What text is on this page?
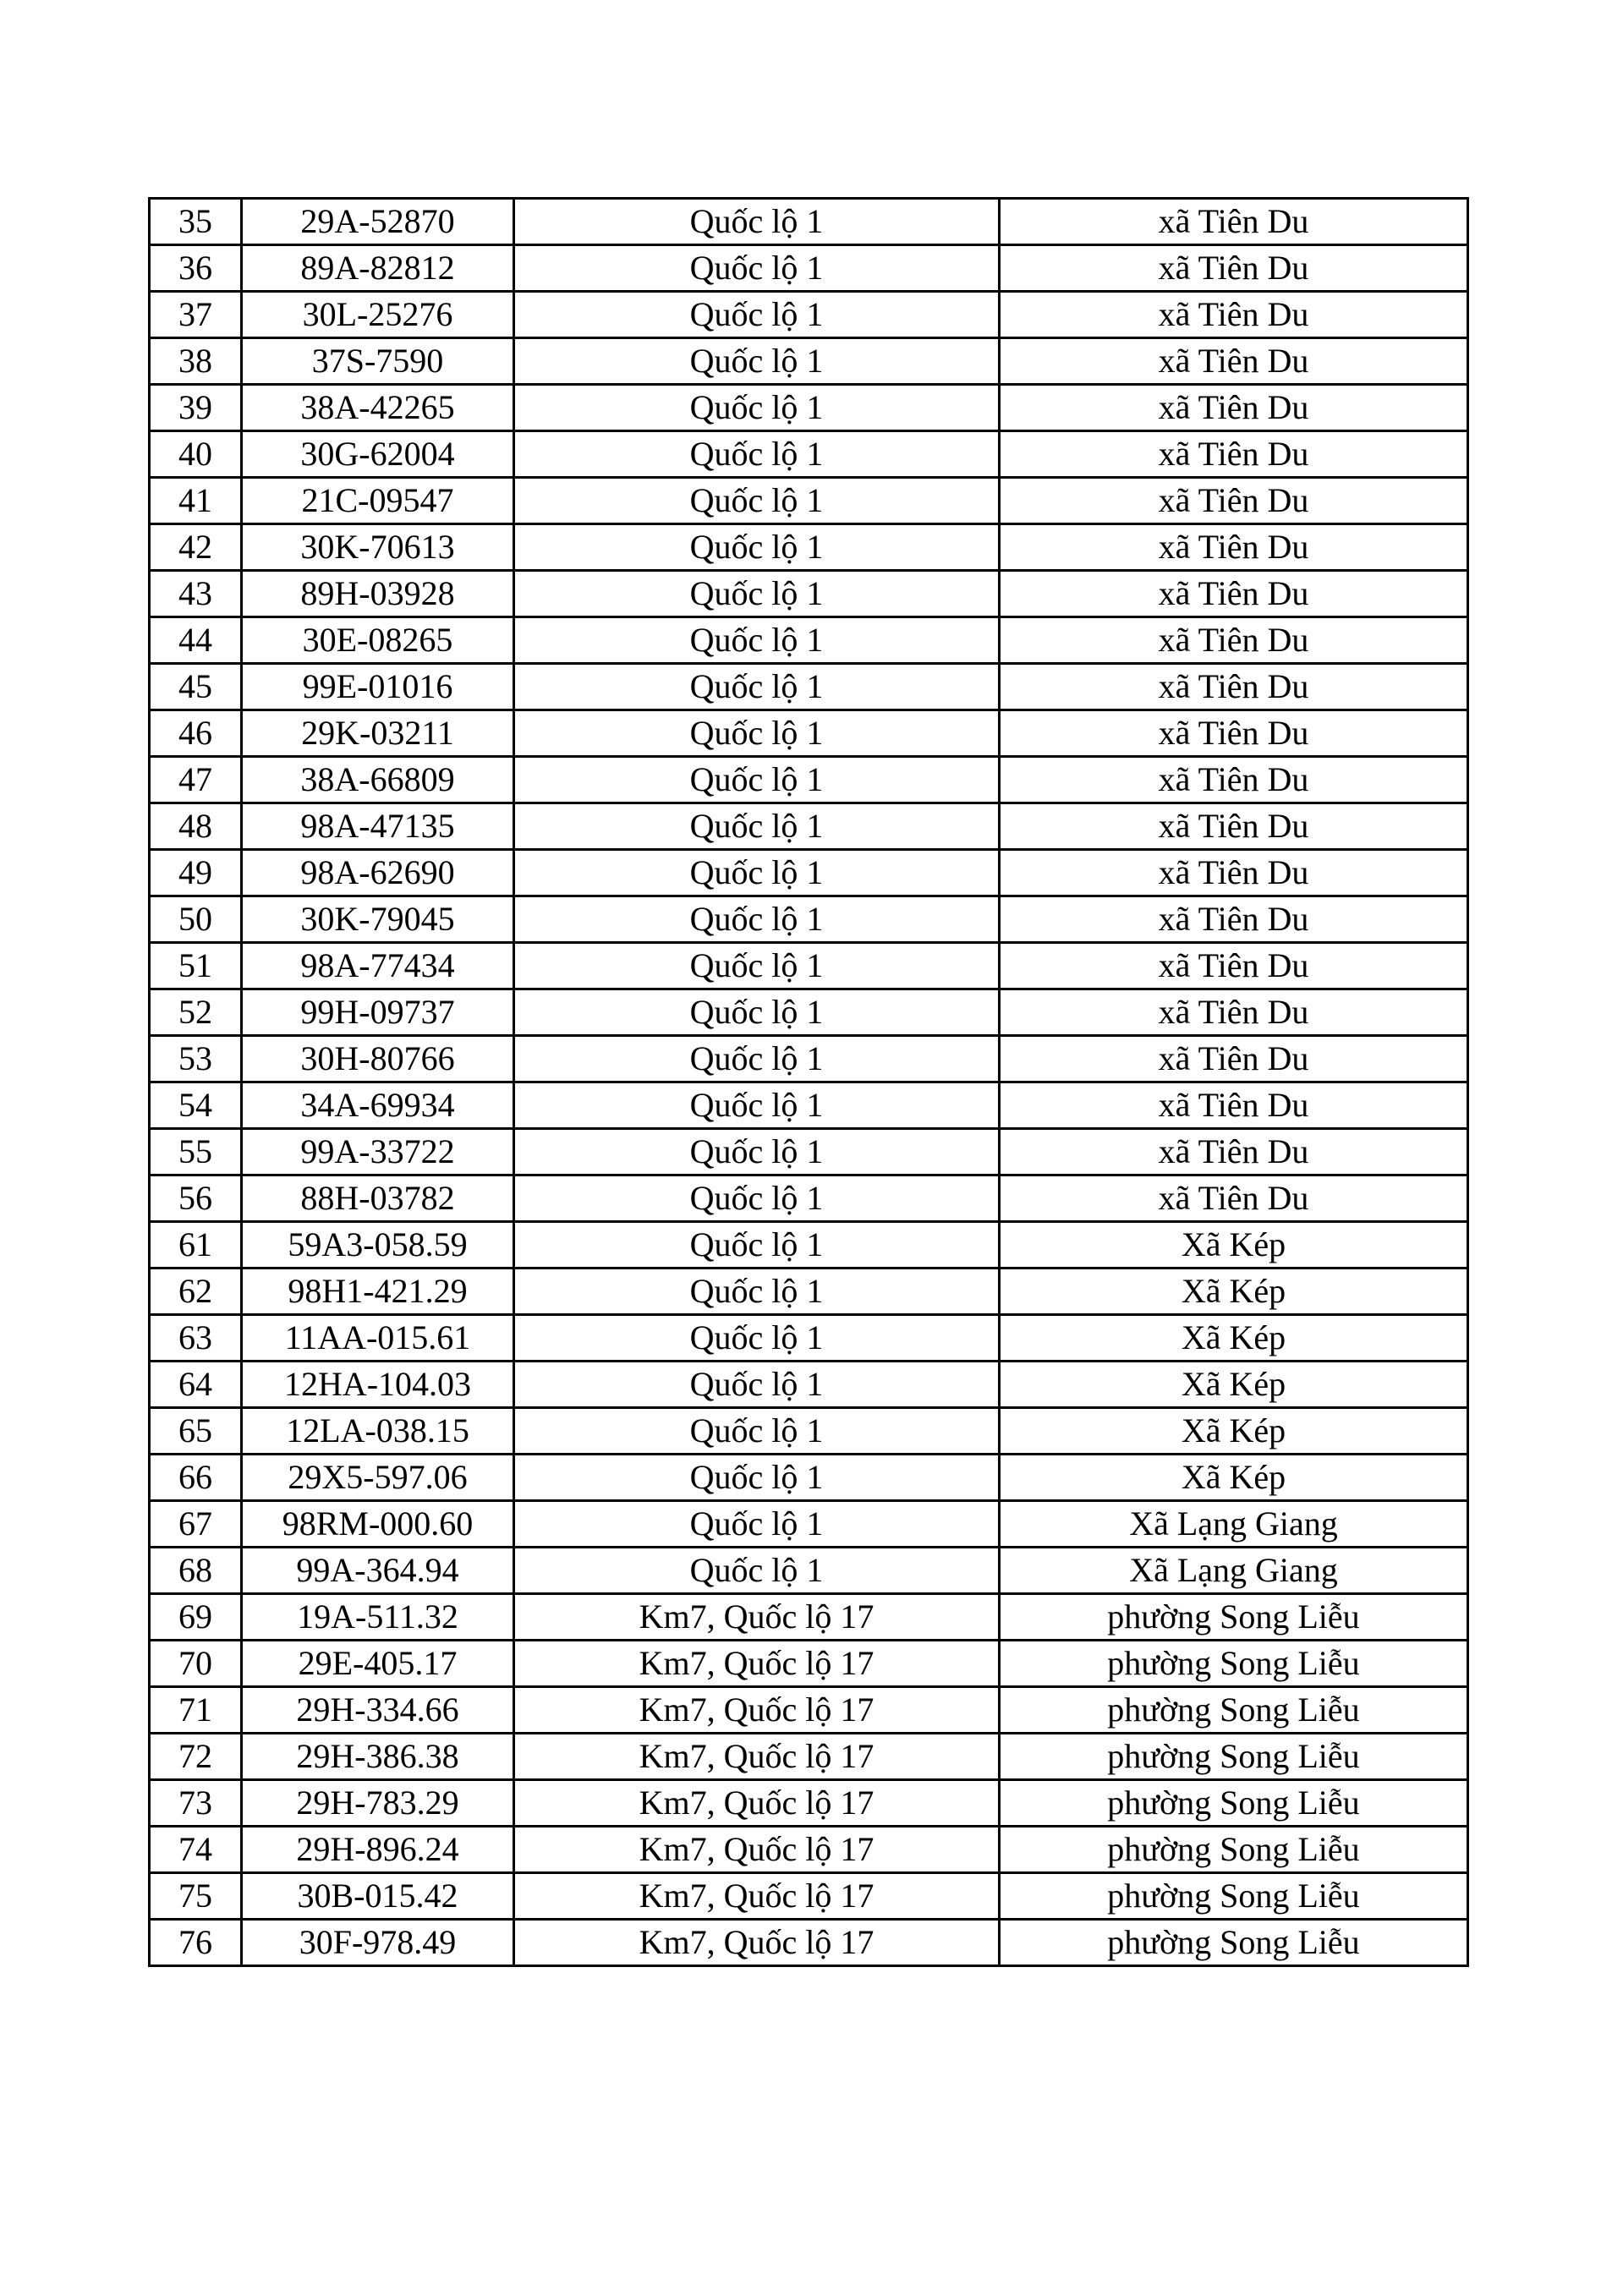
35	29A-52870	Quốc lộ 1	xã Tiên Du
36	89A-82812	Quốc lộ 1	xã Tiên Du
37	30L-25276	Quốc lộ 1	xã Tiên Du
38	37S-7590	Quốc lộ 1	xã Tiên Du
39	38A-42265	Quốc lộ 1	xã Tiên Du
40	30G-62004	Quốc lộ 1	xã Tiên Du
41	21C-09547	Quốc lộ 1	xã Tiên Du
42	30K-70613	Quốc lộ 1	xã Tiên Du
43	89H-03928	Quốc lộ 1	xã Tiên Du
44	30E-08265	Quốc lộ 1	xã Tiên Du
45	99E-01016	Quốc lộ 1	xã Tiên Du
46	29K-03211	Quốc lộ 1	xã Tiên Du
47	38A-66809	Quốc lộ 1	xã Tiên Du
48	98A-47135	Quốc lộ 1	xã Tiên Du
49	98A-62690	Quốc lộ 1	xã Tiên Du
50	30K-79045	Quốc lộ 1	xã Tiên Du
51	98A-77434	Quốc lộ 1	xã Tiên Du
52	99H-09737	Quốc lộ 1	xã Tiên Du
53	30H-80766	Quốc lộ 1	xã Tiên Du
54	34A-69934	Quốc lộ 1	xã Tiên Du
55	99A-33722	Quốc lộ 1	xã Tiên Du
56	88H-03782	Quốc lộ 1	xã Tiên Du
61	59A3-058.59	Quốc lộ 1	Xã Kép
62	98H1-421.29	Quốc lộ 1	Xã Kép
63	11AA-015.61	Quốc lộ 1	Xã Kép
64	12HA-104.03	Quốc lộ 1	Xã Kép
65	12LA-038.15	Quốc lộ 1	Xã Kép
66	29X5-597.06	Quốc lộ 1	Xã Kép
67	98RM-000.60	Quốc lộ 1	Xã Lạng Giang
68	99A-364.94	Quốc lộ 1	Xã Lạng Giang
69	19A-511.32	Km7, Quốc lộ 17	phường Song Liễu
70	29E-405.17	Km7, Quốc lộ 17	phường Song Liễu
71	29H-334.66	Km7, Quốc lộ 17	phường Song Liễu
72	29H-386.38	Km7, Quốc lộ 17	phường Song Liễu
73	29H-783.29	Km7, Quốc lộ 17	phường Song Liễu
74	29H-896.24	Km7, Quốc lộ 17	phường Song Liễu
75	30B-015.42	Km7, Quốc lộ 17	phường Song Liễu
76	30F-978.49	Km7, Quốc lộ 17	phường Song Liễu
